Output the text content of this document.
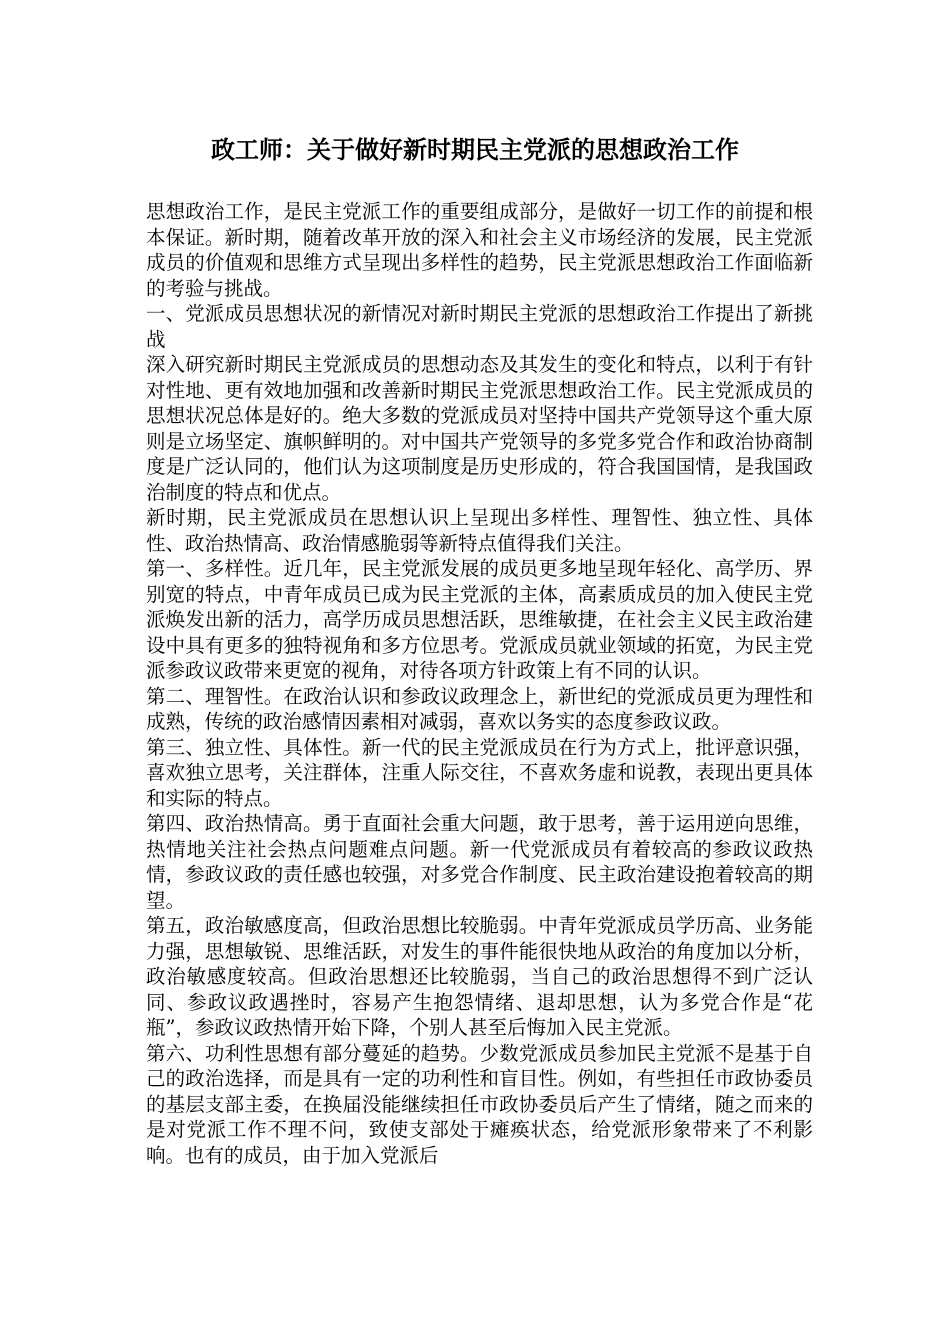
政工师：关于做好新时期民主党派的思想政治工作

思想政治工作，是民主党派工作的重要组成部分，是做好一切工作的前提和根本保证。新时期，随着改革开放的深入和社会主义市场经济的发展，民主党派成员的价值观和思维方式呈现出多样性的趋势，民主党派思想政治工作面临新的考验与挑战。

一、党派成员思想状况的新情况对新时期民主党派的思想政治工作提出了新挑战

深入研究新时期民主党派成员的思想动态及其发生的变化和特点，以利于有针对性地、更有效地加强和改善新时期民主党派思想政治工作。民主党派成员的思想状况总体是好的。绝大多数的党派成员对坚持中国共产党领导这个重大原则是立场坚定、旗帜鲜明的。对中国共产党领导的多党多党合作和政治协商制度是广泛认同的，他们认为这项制度是历史形成的，符合我国国情，是我国政治制度的特点和优点。

新时期，民主党派成员在思想认识上呈现出多样性、理智性、独立性、具体性、政治热情高、政治情感脆弱等新特点值得我们关注。

第一、多样性。近几年，民主党派发展的成员更多地呈现年轻化、高学历、界别宽的特点，中青年成员已成为民主党派的主体，高素质成员的加入使民主党派焕发出新的活力，高学历成员思想活跃，思维敏捷，在社会主义民主政治建设中具有更多的独特视角和多方位思考。党派成员就业领域的拓宽，为民主党派参政议政带来更宽的视角，对待各项方针政策上有不同的认识。

第二、理智性。在政治认识和参政议政理念上，新世纪的党派成员更为理性和成熟，传统的政治感情因素相对减弱，喜欢以务实的态度参政议政。

第三、独立性、具体性。新一代的民主党派成员在行为方式上，批评意识强，喜欢独立思考，关注群体，注重人际交往，不喜欢务虚和说教，表现出更具体和实际的特点。

第四、政治热情高。勇于直面社会重大问题，敢于思考，善于运用逆向思维，热情地关注社会热点问题难点问题。新一代党派成员有着较高的参政议政热情，参政议政的责任感也较强，对多党合作制度、民主政治建设抱着较高的期望。

第五，政治敏感度高，但政治思想比较脆弱。中青年党派成员学历高、业务能力强，思想敏锐、思维活跃，对发生的事件能很快地从政治的角度加以分析，政治敏感度较高。但政治思想还比较脆弱，当自己的政治思想得不到广泛认同、参政议政遇挫时，容易产生抱怨情绪、退却思想，认为多党合作是“花瓶”，参政议政热情开始下降，个别人甚至后悔加入民主党派。

第六、功利性思想有部分蔓延的趋势。少数党派成员参加民主党派不是基于自己的政治选择，而是具有一定的功利性和盲目性。例如，有些担任市政协委员的基层支部主委，在换届没能继续担任市政协委员后产生了情绪，随之而来的是对党派工作不理不问，致使支部处于瘫痪状态，给党派形象带来了不利影响。也有的成员，由于加入党派后
